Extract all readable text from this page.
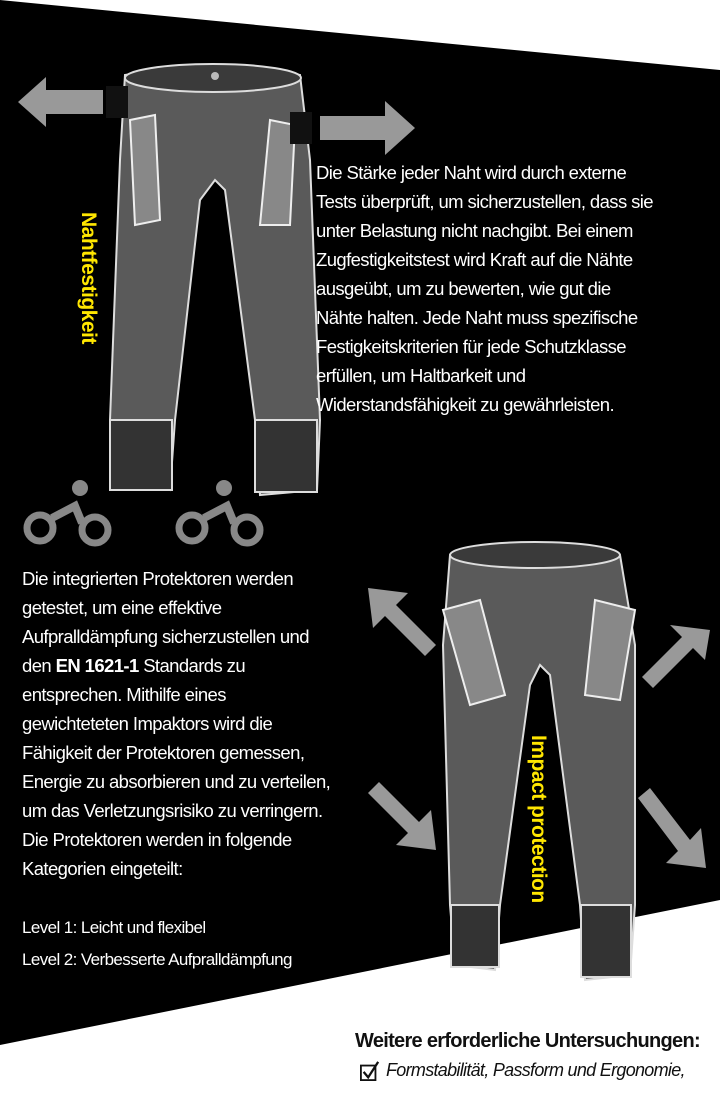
Nahtfestigkeit
Die Stärke jeder Naht wird durch externe
Tests überprüft, um sicherzustellen, dass sie
unter Belastung nicht nachgibt. Bei einem
Zugfestigkeitstest wird Kraft auf die Nähte
ausgeübt, um zu bewerten, wie gut die
Nähte halten. Jede Naht muss spezifische
Festigkeitskriterien für jede Schutzklasse
erfüllen, um Haltbarkeit und
Widerstandsfähigkeit zu gewährleisten.
Die integrierten Protektoren werden
getestet, um eine effektive
Aufpralldämpfung sicherzustellen und
den EN 1621-1 Standards zu
entsprechen. Mithilfe eines
gewichteteten Impaktors wird die
Fähigkeit der Protektoren gemessen,
Energie zu absorbieren und zu verteilen,
um das Verletzungsrisiko zu verringern.
Die Protektoren werden in folgende
Kategorien eingeteilt:
Level 1: Leicht und flexibel
Level 2: Verbesserte Aufpralldämpfung
Impact protection
Weitere erforderliche Untersuchungen:
Formstabilität, Passform und Ergonomie,
